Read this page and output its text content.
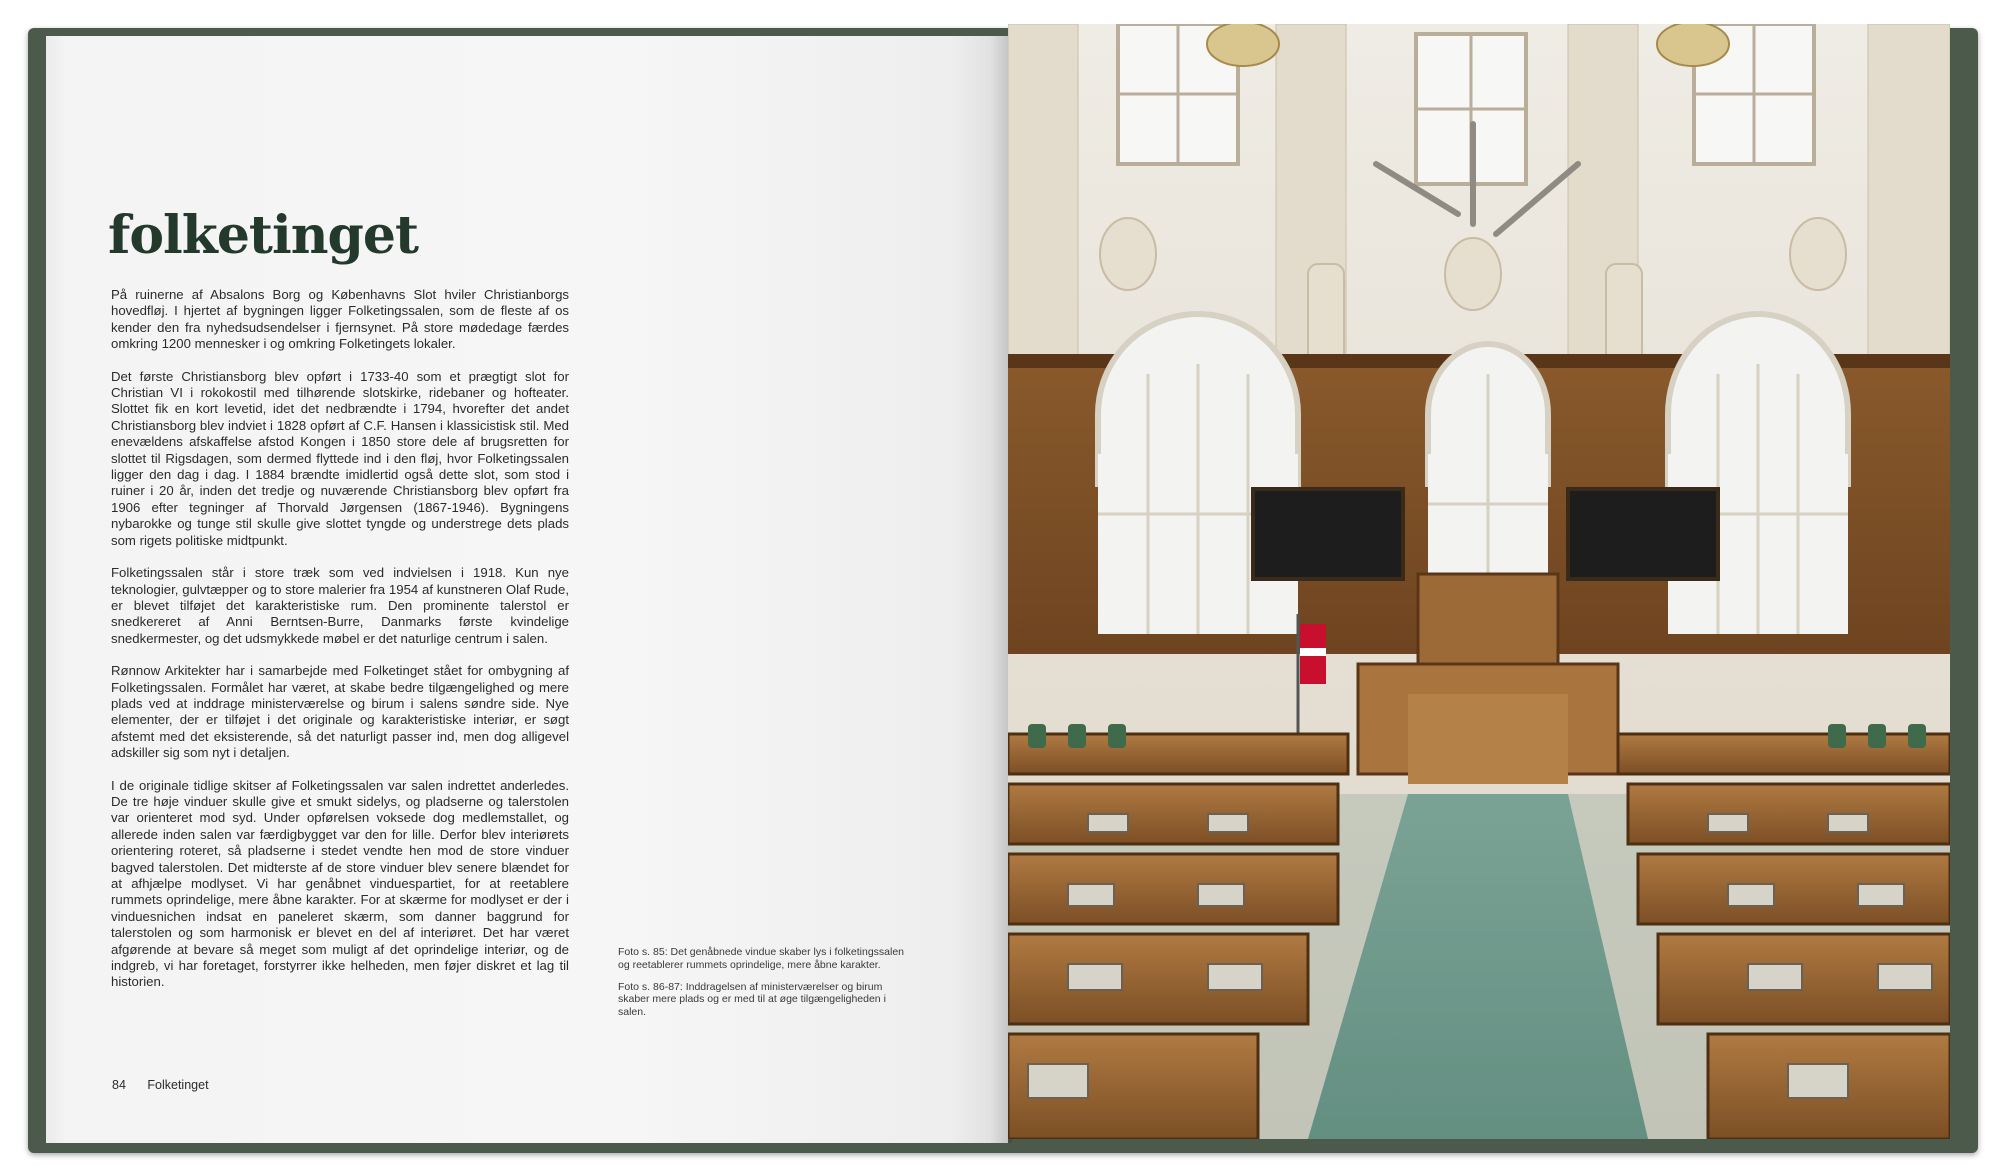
folketinget

På ruinerne af Absalons Borg og Københavns Slot hviler Christianborgs hovedfløj. I hjertet af bygningen ligger Folketingssalen, som de fleste af os kender den fra nyhedsudsendelser i fjernsynet. På store mødedage færdes omkring 1200 mennesker i og omkring Folketingets lokaler.

Det første Christiansborg blev opført i 1733-40 som et prægtigt slot for Christian VI i rokokostil med tilhørende slotskirke, ridebaner og hofteater. Slottet fik en kort levetid, idet det nedbrændte i 1794, hvorefter det andet Christiansborg blev indviet i 1828 opført af C.F. Hansen i klassicistisk stil. Med enevældens afskaffelse afstod Kongen i 1850 store dele af brugsretten for slottet til Rigsdagen, som dermed flyttede ind i den fløj, hvor Folketingssalen ligger den dag i dag. I 1884 brændte imidlertid også dette slot, som stod i ruiner i 20 år, inden det tredje og nuværende Christiansborg blev opført fra 1906 efter tegninger af Thorvald Jørgensen (1867-1946). Bygningens nybarokke og tunge stil skulle give slottet tyngde og understrege dets plads som rigets politiske midtpunkt.

Folketingssalen står i store træk som ved indvielsen i 1918. Kun nye teknologier, gulvtæpper og to store malerier fra 1954 af kunstneren Olaf Rude, er blevet tilføjet det karakteristiske rum. Den prominente talerstol er snedkereret af Anni Berntsen-Burre, Danmarks første kvindelige snedkermester, og det udsmykkede møbel er det naturlige centrum i salen.

Rønnow Arkitekter har i samarbejde med Folketinget stået for ombygning af Folketingssalen. Formålet har været, at skabe bedre tilgængelighed og mere plads ved at inddrage ministerværelse og birum i salens søndre side. Nye elementer, der er tilføjet i det originale og karakteristiske interiør, er søgt afstemt med det eksisterende, så det naturligt passer ind, men dog alligevel adskiller sig som nyt i detaljen.

I de originale tidlige skitser af Folketingssalen var salen indrettet anderledes. De tre høje vinduer skulle give et smukt sidelys, og pladserne og talerstolen var orienteret mod syd. Under opførelsen voksede dog medlemstallet, og allerede inden salen var færdigbygget var den for lille. Derfor blev interiørets orientering roteret, så pladserne i stedet vendte hen mod de store vinduer bagved talerstolen. Det midterste af de store vinduer blev senere blændet for at afhjælpe modlyset. Vi har genåbnet vinduespartiet, for at reetablere rummets oprindelige, mere åbne karakter. For at skærme for modlyset er der i vinduesnichen indsat en paneleret skærm, som danner baggrund for talerstolen og som harmonisk er blevet en del af interiøret. Det har været afgørende at bevare så meget som muligt af det oprindelige interiør, og de indgreb, vi har foretaget, forstyrrer ikke helheden, men føjer diskret et lag til historien.

Foto s. 85: Det genåbnede vindue skaber lys i folketingssalen og reetablerer rummets oprindelige, mere åbne karakter.

Foto s. 86-87: Inddragelsen af ministerværelser og birum skaber mere plads og er med til at øge tilgængeligheden i salen.

84 Folketinget
